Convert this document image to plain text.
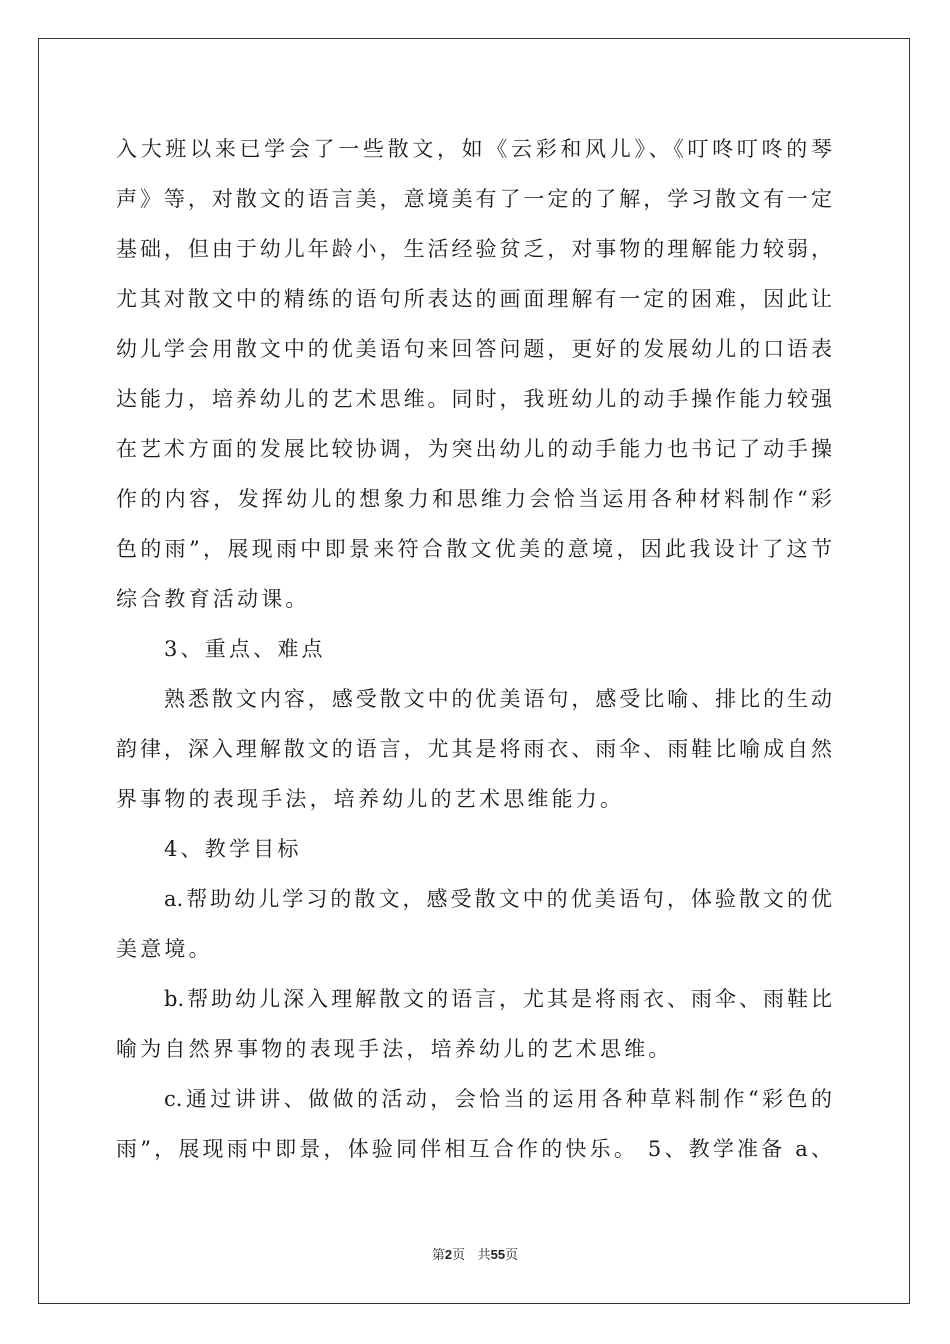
入大班以来已学会了一些散文，如《云彩和风儿》、《叮咚叮咚的琴
声》等，对散文的语言美，意境美有了一定的了解，学习散文有一定
基础，但由于幼儿年龄小，生活经验贫乏，对事物的理解能力较弱，
尤其对散文中的精练的语句所表达的画面理解有一定的困难，因此让
幼儿学会用散文中的优美语句来回答问题，更好的发展幼儿的口语表
达能力，培养幼儿的艺术思维。同时，我班幼儿的动手操作能力较强
在艺术方面的发展比较协调，为突出幼儿的动手能力也书记了动手操
作的内容，发挥幼儿的想象力和思维力会恰当运用各种材料制作“彩
色的雨”，展现雨中即景来符合散文优美的意境，因此我设计了这节
综合教育活动课。
3、重点、难点
熟悉散文内容，感受散文中的优美语句，感受比喻、排比的生动
韵律，深入理解散文的语言，尤其是将雨衣、雨伞、雨鞋比喻成自然
界事物的表现手法，培养幼儿的艺术思维能力。
4、教学目标
a.帮助幼儿学习的散文，感受散文中的优美语句，体验散文的优
美意境。
b.帮助幼儿深入理解散文的语言，尤其是将雨衣、雨伞、雨鞋比
喻为自然界事物的表现手法，培养幼儿的艺术思维。
c.通过讲讲、做做的活动，会恰当的运用各种草料制作“彩色的
雨”，展现雨中即景，体验同伴相互合作的快乐。 5、教学准备 a、
第2页 共55页
